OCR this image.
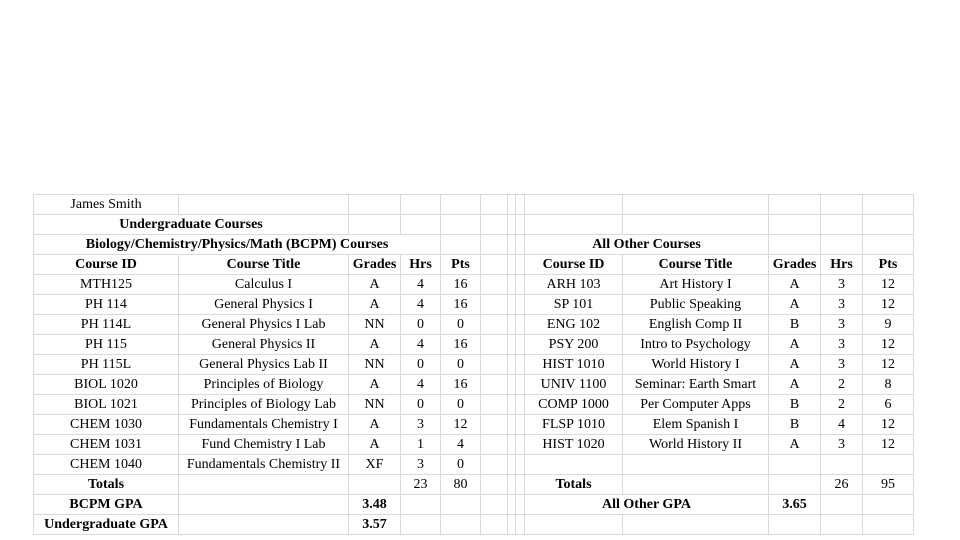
James Smith												
Undergraduate Courses												
Biology/Chemistry/Physics/Math (BCPM) Courses								All Other Courses				
Course ID	Course Title	Grades	Hrs	Pts				Course ID	Course Title	Grades	Hrs	Pts
MTH125	Calculus I	A	4	16				ARH 103	Art History I	A	3	12
PH 114	General Physics I	A	4	16				SP 101	Public Speaking	A	3	12
PH 114L	General Physics I Lab	NN	0	0				ENG 102	English Comp II	B	3	9
PH 115	General Physics II	A	4	16				PSY 200	Intro to Psychology	A	3	12
PH 115L	General Physics Lab II	NN	0	0				HIST 1010	World History I	A	3	12
BIOL 1020	Principles of Biology	A	4	16				UNIV 1100	Seminar: Earth Smart	A	2	8
BIOL 1021	Principles of Biology Lab	NN	0	0				COMP 1000	Per Computer Apps	B	2	6
CHEM 1030	Fundamentals Chemistry I	A	3	12				FLSP 1010	Elem Spanish I	B	4	12
CHEM 1031	Fund Chemistry I Lab	A	1	4				HIST 1020	World History II	A	3	12
CHEM 1040	Fundamentals Chemistry II	XF	3	0								
Totals			23	80				Totals			26	95
BCPM GPA		3.48						All Other GPA		3.65		
Undergraduate GPA		3.57										
